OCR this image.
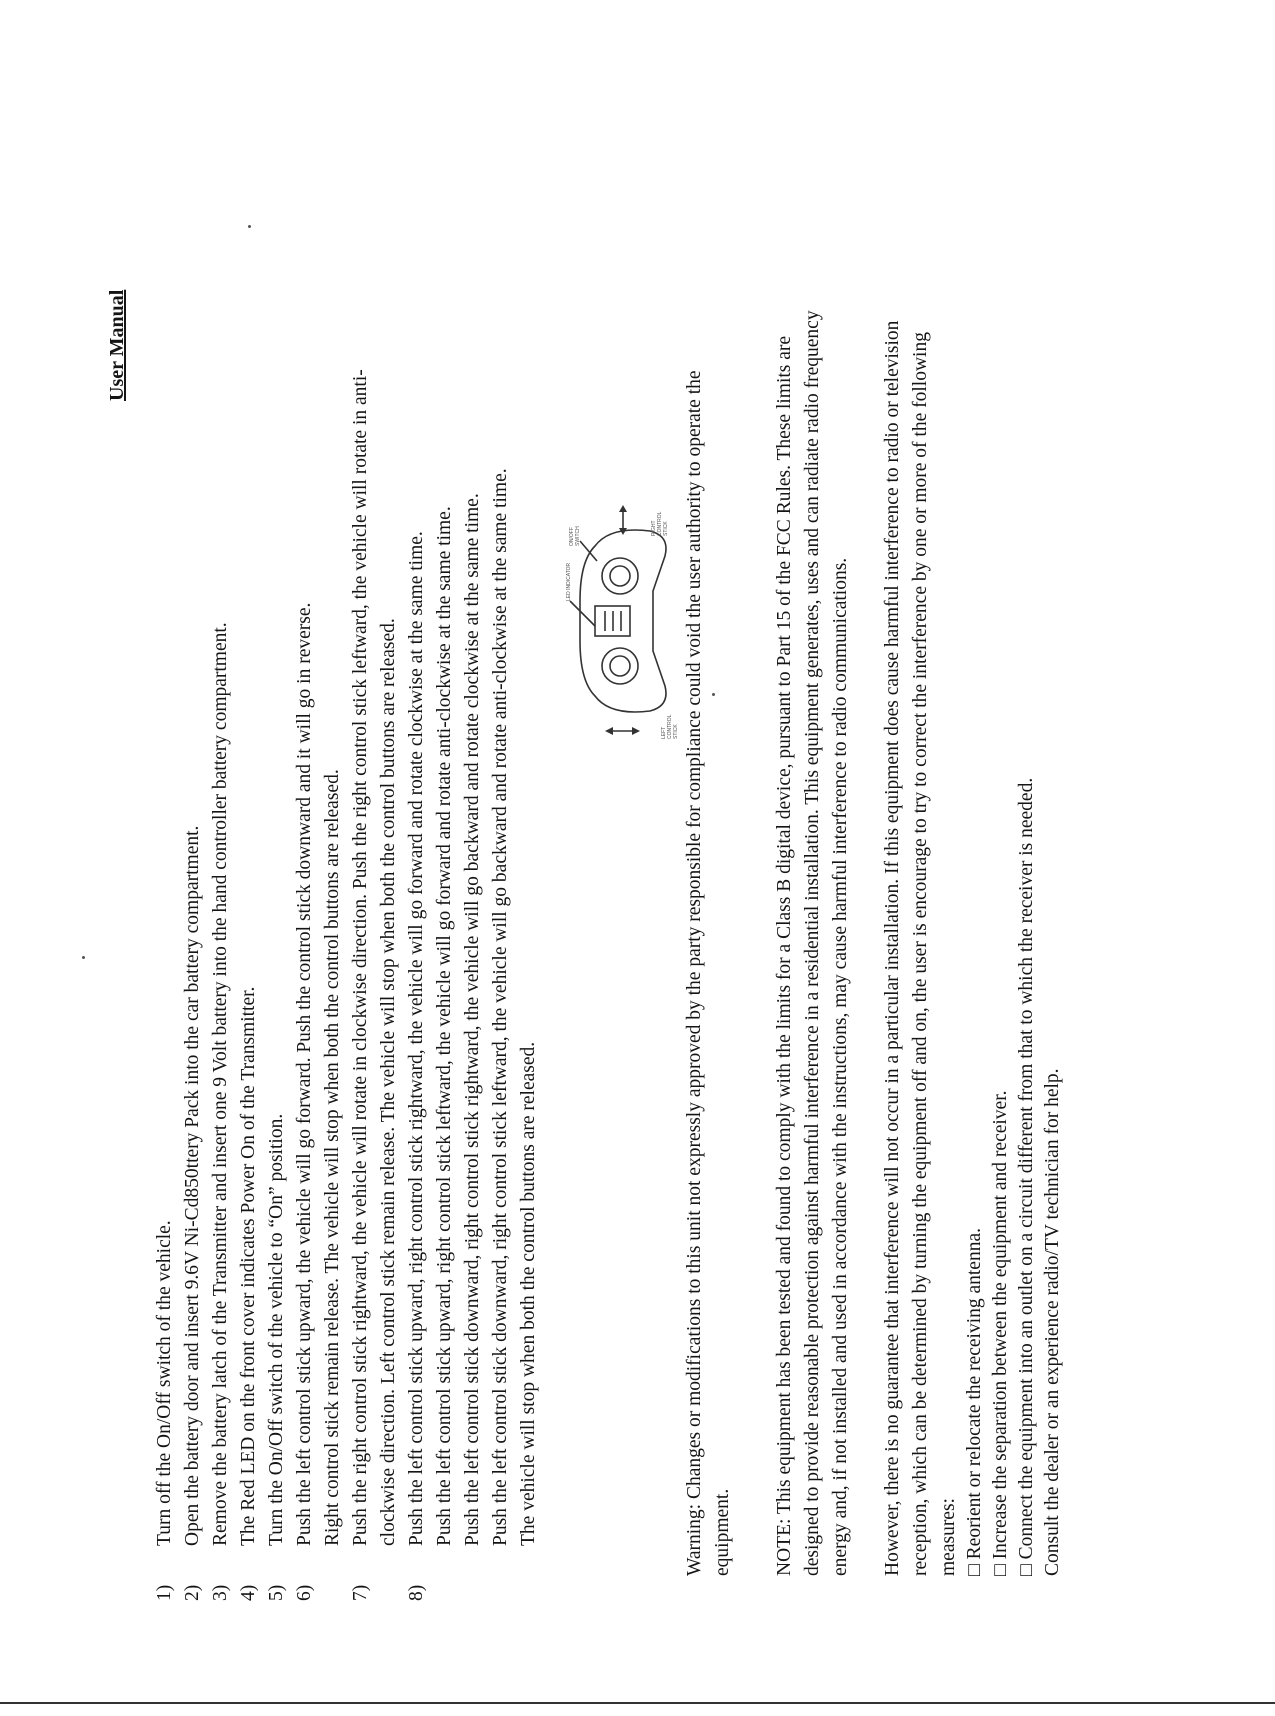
User Manual
1) 2) 3) 4) 5) 6) 7) 8)
Turn off the On/Off switch of the vehicle. Open the battery door and insert 9.6V Ni-Cd850ttery Pack into the car battery compartment. Remove the battery latch of the Transmitter and insert one 9 Volt battery into the hand controller battery compartment. The Red LED on the front cover indicates Power On of the Transmitter. Turn the On/Off switch of the vehicle to “On” position. Push the left control stick upward, the vehicle will go forward. Push the control stick downward and it will go in reverse. Right control stick remain release. The vehicle will stop when both the control buttons are released. Push the right control stick rightward, the vehicle will rotate in clockwise direction. Push the right control stick leftward, the vehicle will rotate in anti- clockwise direction. Left control stick remain release. The vehicle will stop when both the control buttons are released. Push the left control stick upward, right control stick rightward, the vehicle will go forward and rotate clockwise at the same time. Push the left control stick upward, right control stick leftward, the vehicle will go forward and rotate anti-clockwise at the same time. Push the left control stick downward, right control stick rightward, the vehicle will go backward and rotate clockwise at the same time. Push the left control stick downward, right control stick leftward, the vehicle will go backward and rotate anti-clockwise at the same time. The vehicle will stop when both the control buttons are released.
LED INDICATOR
ON/OFF SWITCH	RIGHT CONTROL STICK
LEFT CONTROL STICK Warning: Changes or modifications to this unit not expressly approved by the party responsible for compliance could void the user authority to operate the equipment. NOTE: This equipment has been tested and found to comply with the limits for a Class B digital device, pursuant to Part 15 of the FCC Rules. These limits are designed to provide reasonable protection against harmful interference in a residential installation. This equipment generates, uses and can radiate radio frequency energy and, if not installed and used in accordance with the instructions, may cause harmful interference to radio communications. However, there is no guarantee that interference will not occur in a particular installation. If this equipment does cause harmful interference to radio or television reception, which can be determined by turning the equipment off and on, the user is encourage to try to correct the interference by one or more of the following measures: □ Reorient or relocate the receiving antenna. □ Increase the separation between the equipment and receiver. □ Connect the equipment into an outlet on a circuit different from that to which the receiver is needed. Consult the dealer or an experience radio/TV technician for help.
